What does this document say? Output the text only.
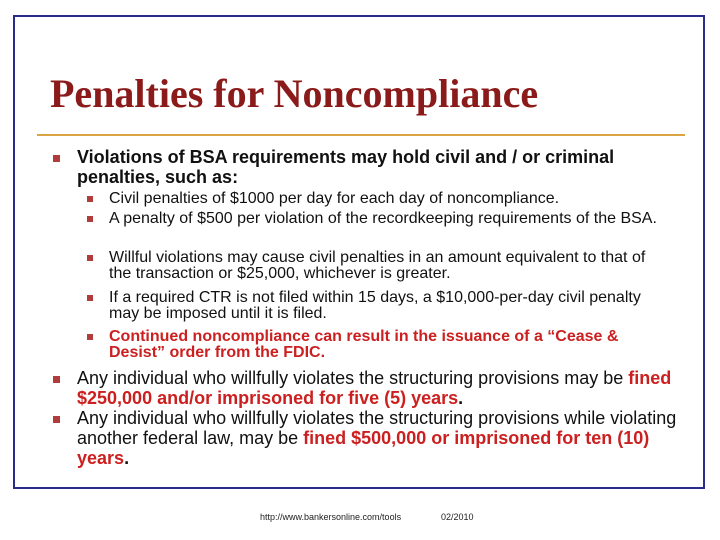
Penalties for Noncompliance

Violations of BSA requirements may hold civil and / or criminal penalties, such as:

Civil penalties of $1000 per day for each day of noncompliance.

A penalty of $500 per violation of the recordkeeping requirements of the BSA.

Willful violations may cause civil penalties in an amount equivalent to that of the transaction or $25,000, whichever is greater.

If a required CTR is not filed within 15 days, a $10,000-per-day civil penalty may be imposed until it is filed.

Continued noncompliance can result in the issuance of a “Cease & Desist” order from the FDIC.

Any individual who willfully violates the structuring provisions may be fined $250,000 and/or imprisoned for five (5) years.

Any individual who willfully violates the structuring provisions while violating another federal law, may be fined $500,000 or imprisoned for ten (10) years.

http://www.bankersonline.com/tools	02/2010
